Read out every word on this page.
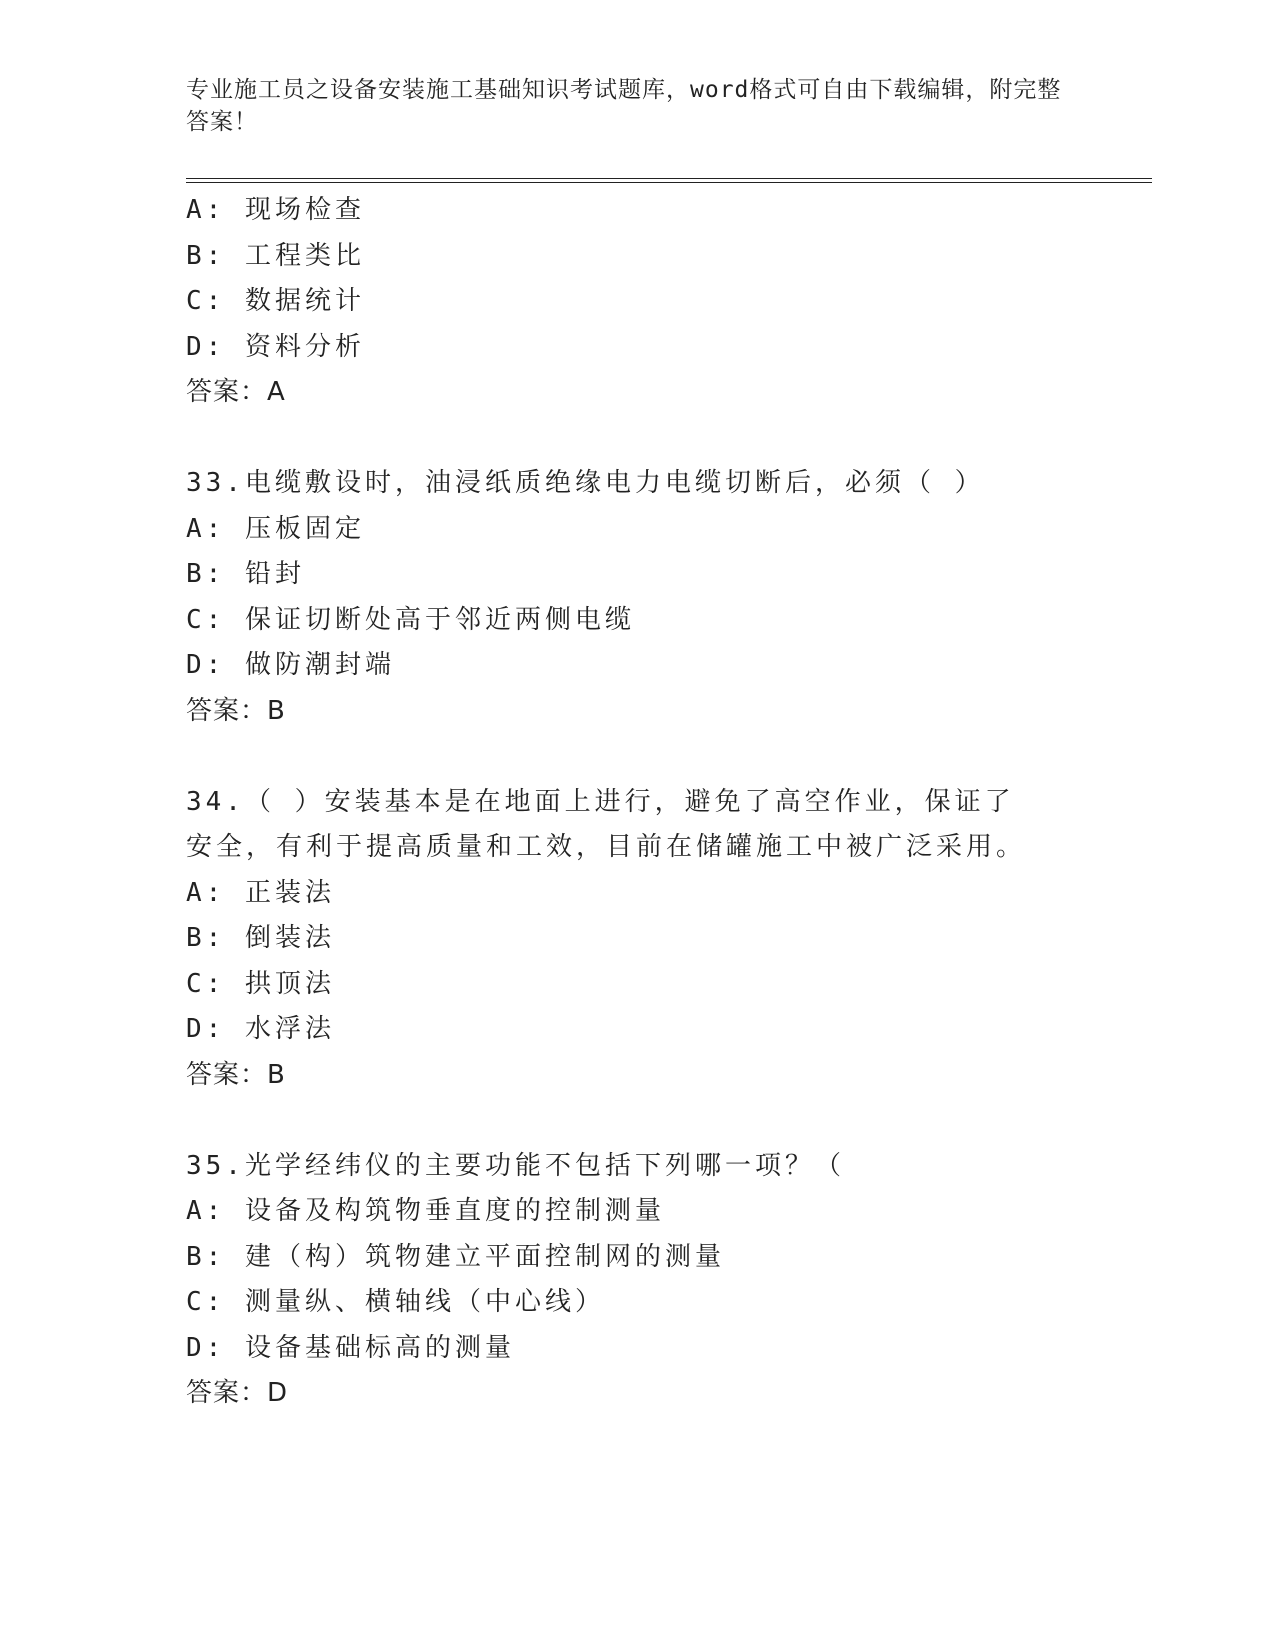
专业施工员之设备安装施工基础知识考试题库，word格式可自由下载编辑，附完整答案！
A: 现场检查
B: 工程类比
C: 数据统计
D: 资料分析
答案：A
33.电缆敷设时，油浸纸质绝缘电力电缆切断后，必须（ ）
A: 压板固定
B: 铅封
C: 保证切断处高于邻近两侧电缆
D: 做防潮封端
答案：B
34.（ ）安装基本是在地面上进行，避免了高空作业，保证了安全，有利于提高质量和工效，目前在储罐施工中被广泛采用。
A: 正装法
B: 倒装法
C: 拱顶法
D: 水浮法
答案：B
35.光学经纬仪的主要功能不包括下列哪一项？（
A: 设备及构筑物垂直度的控制测量
B: 建（构）筑物建立平面控制网的测量
C: 测量纵、横轴线（中心线）
D: 设备基础标高的测量
答案：D
